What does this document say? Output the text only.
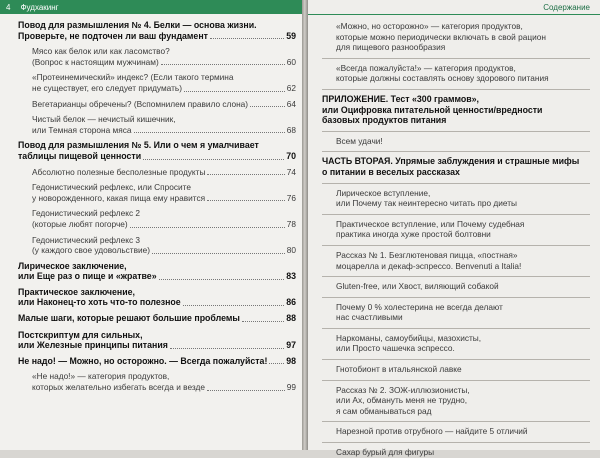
4 Фудхакинг
Повод для размышления № 4. Белки — основа жизни.
Проверьте, не подточен ли ваш фундамент	59
Мясо как белок или как ласомство?
(Вопрос к настоящим мужчинам)	60
«Протеинемический» индекс? (Если такого термина
не существует, его следует придумать)	62
Вегетарианцы обречены? (Вспомнилем правило слона)	64
Чистый белок — нечистый кишечник,
или Темная сторона мяса	68
Повод для размышления № 5. Или о чем я умалчивает
таблицы пищевой ценности	70
Абсолютно полезные бесполезные продукты	74
Гедонистический рефлекс, или Спросите
у новорожденного, какая пища ему нравится	76
Гедонистический рефлекс 2
(которые любят погорче)	78
Гедонистический рефлекс 3
(у каждого свое удовольствие)	80
Лирическое заключение,
или Еще раз о пище и «жратве»	83
Практическое заключение,
или Наконец-то хоть что-то полезное	86
Малые шаги, которые решают большие проблемы	88
Постскриптум для сильных,
или Железные принципы питания	97
Не надо! — Можно, но осторожно. — Всегда пожалуйста! 98
«Не надо!» — категория продуктов,
которых желательно избегать всегда и везде	99
Содержание
«Можно, но осторожно» — категория продуктов,
которые можно периодически включать в свой рацион
для пищевого разнообразия
«Всегда пожалуйста!» — категория продуктов,
которые должны составлять основу здорового питания
ПРИЛОЖЕНИЕ. Тест «300 граммов»,
или Оцифровка питательной ценности/вредности
базовых продуктов питания
Всем удачи!
ЧАСТЬ ВТОРАЯ. Упрямые заблуждения и страшные мифы
о питании в веселых рассказах
Лирическое вступление,
или Почему так неинтересно читать про диеты
Практическое вступление, или Почему судебная
практика иногда хуже простой болтовни
Рассказ № 1. Безглютеновая пицца, «постная»
моцарелла и декаф-эспрессо. Benvenuti a Italia!
Gluten-free, или Хвост, виляющий собакой
Почему 0 % холестерина не всегда делают
нас счастливыми
Наркоманы, самоубийцы, мазохисты,
или Просто чашечка эспрессо.
Гнотобионт в итальянской лавке
Рассказ № 2. ЗОЖ-иллюзионисты,
или Ах, обмануть меня не трудно,
я сам обманываться рад
Нарезной против отрубного — найдите 5 отличий
Сахар бурый для фигуры
